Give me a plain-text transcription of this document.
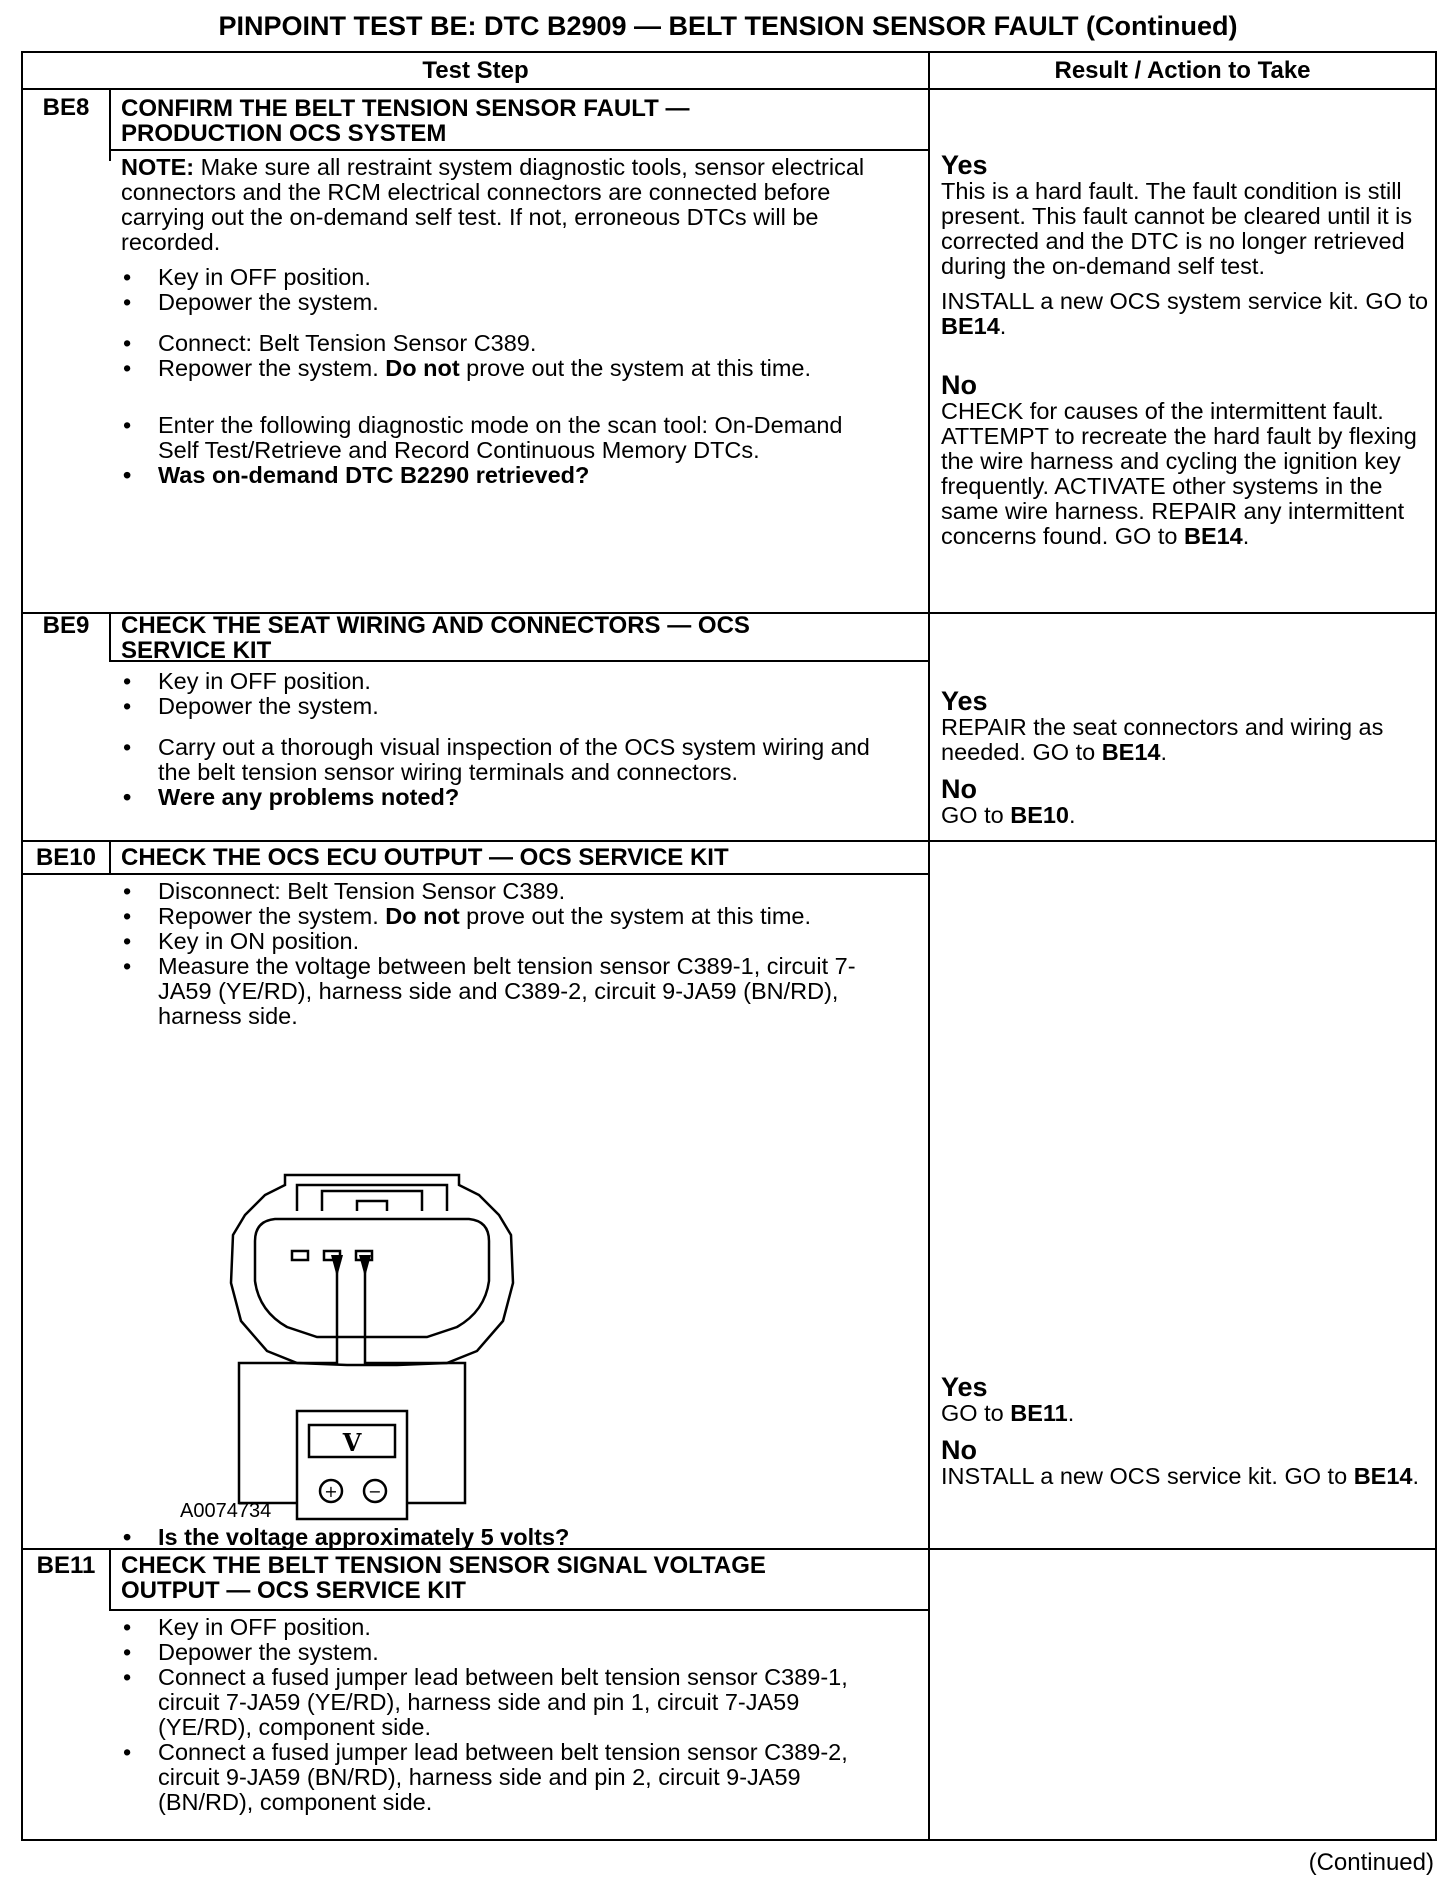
PINPOINT TEST BE: DTC B2909 — BELT TENSION SENSOR FAULT (Continued)
Test Step	Result / Action to Take
BE8	CONFIRM THE BELT TENSION SENSOR FAULT — PRODUCTION OCS SYSTEM

NOTE: Make sure all restraint system diagnostic tools, sensor electrical connectors and the RCM electrical connectors are connected before carrying out the on-demand self test. If not, erroneous DTCs will be recorded.

• Key in OFF position.

• Depower the system.

• Connect: Belt Tension Sensor C389.

• Repower the system. Do not prove out the system at this time.

• Enter the following diagnostic mode on the scan tool: On-Demand Self Test/Retrieve and Record Continuous Memory DTCs.

• Was on-demand DTC B2290 retrieved?

Yes

This is a hard fault. The fault condition is still present. This fault cannot be cleared until it is corrected and the DTC is no longer retrieved during the on-demand self test.

INSTALL a new OCS system service kit. GO to BE14.

No

CHECK for causes of the intermittent fault. ATTEMPT to recreate the hard fault by flexing the wire harness and cycling the ignition key frequently. ACTIVATE other systems in the same wire harness. REPAIR any intermittent concerns found. GO to BE14.

BE9	CHECK THE SEAT WIRING AND CONNECTORS — OCS SERVICE KIT

• Key in OFF position.

• Depower the system.

• Carry out a thorough visual inspection of the OCS system wiring and the belt tension sensor wiring terminals and connectors.

• Were any problems noted?

Yes

REPAIR the seat connectors and wiring as needed. GO to BE14.

No

GO to BE10.

BE10	CHECK THE OCS ECU OUTPUT — OCS SERVICE KIT

• Disconnect: Belt Tension Sensor C389.

• Repower the system. Do not prove out the system at this time.

• Key in ON position.

• Measure the voltage between belt tension sensor C389-1, circuit 7-JA59 (YE/RD), harness side and C389-2, circuit 9-JA59 (BN/RD), harness side.

V
+ −
A0074734

• Is the voltage approximately 5 volts?

Yes

GO to BE11.

No

INSTALL a new OCS service kit. GO to BE14.

BE11	CHECK THE BELT TENSION SENSOR SIGNAL VOLTAGE OUTPUT — OCS SERVICE KIT

• Key in OFF position.

• Depower the system.

• Connect a fused jumper lead between belt tension sensor C389-1, circuit 7-JA59 (YE/RD), harness side and pin 1, circuit 7-JA59 (YE/RD), component side.

• Connect a fused jumper lead between belt tension sensor C389-2, circuit 9-JA59 (BN/RD), harness side and pin 2, circuit 9-JA59 (BN/RD), component side.

(Continued)
